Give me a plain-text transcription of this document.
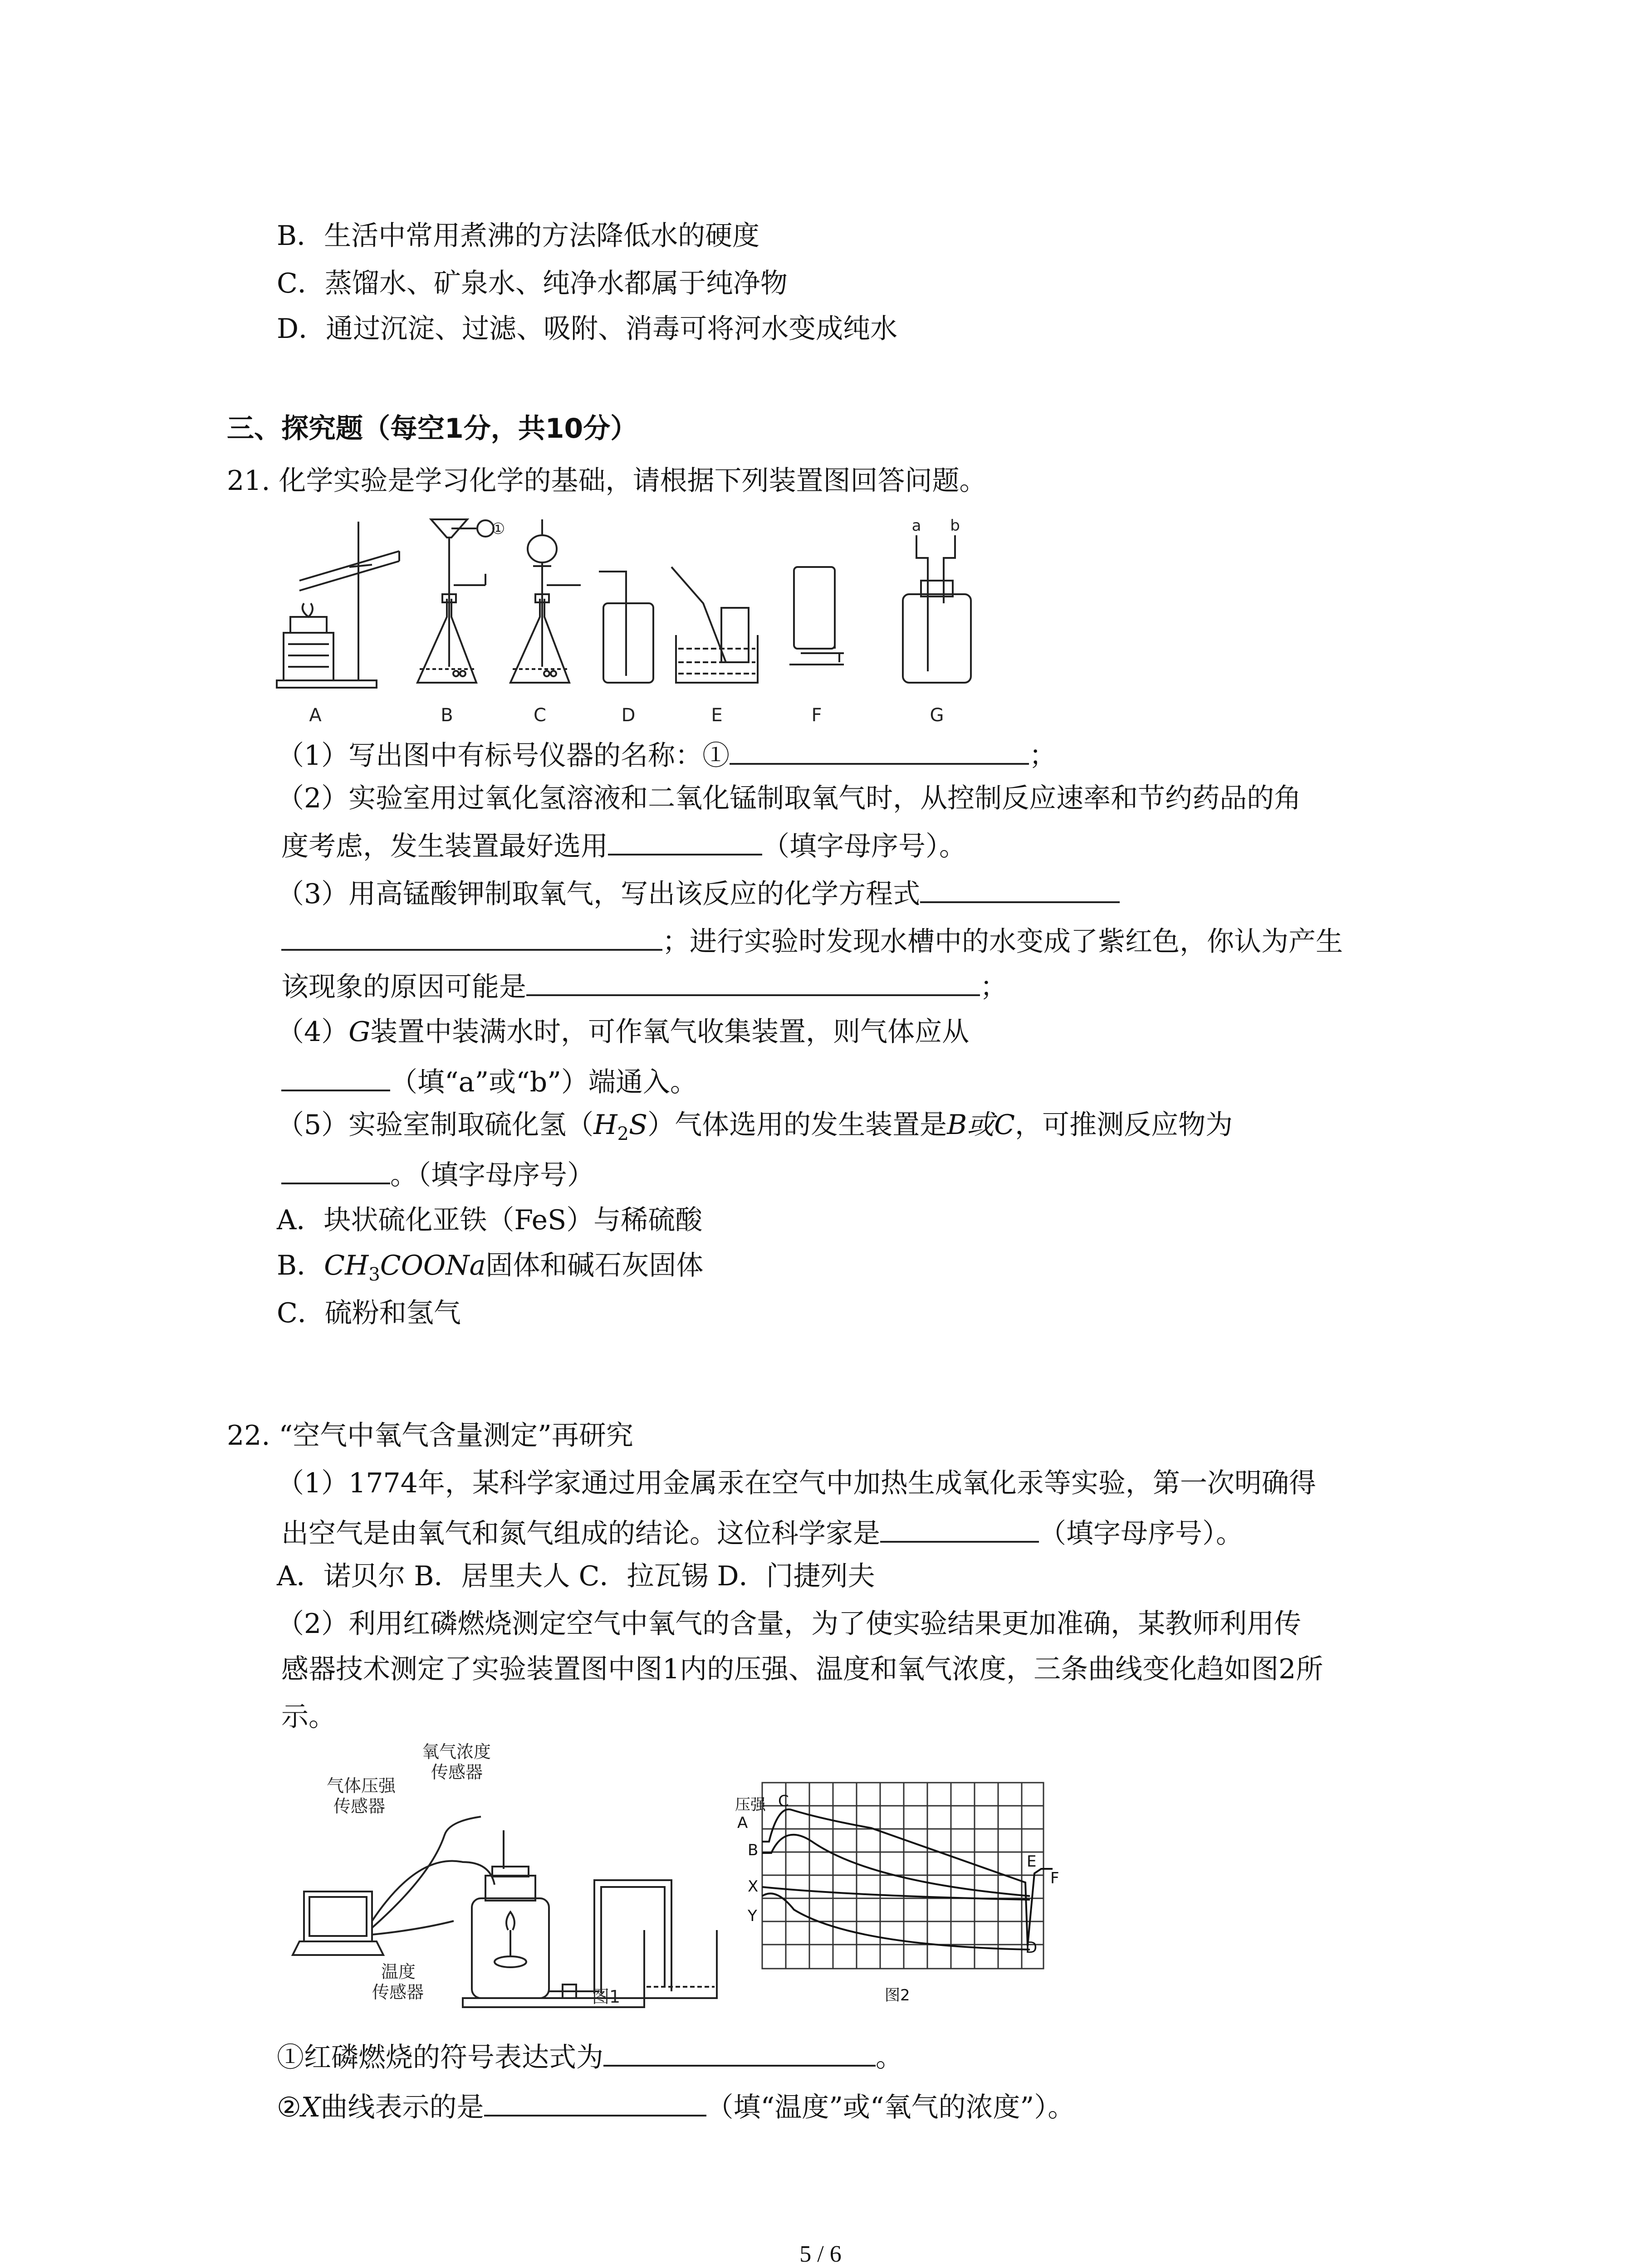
B．生活中常用煮沸的方法降低水的硬度
C．蒸馏水、矿泉水、纯净水都属于纯净物
D．通过沉淀、过滤、吸附、消毒可将河水变成纯水
三、探究题（每空1分，共10分）
21. 化学实验是学习化学的基础，请根据下列装置图回答问题。
A	B	C	D	E	F	G
a b
①
（1）写出图中有标号仪器的名称：①	；
（2）实验室用过氧化氢溶液和二氧化锰制取氧气时，从控制反应速率和节约药品的角
度考虑，发生装置最好选用	（填字母序号）。
（3）用高锰酸钾制取氧气，写出该反应的化学方程式
；进行实验时发现水槽中的水变成了紫红色，你认为产生
该现象的原因可能是	；
（4）G装置中装满水时，可作氧气收集装置，则气体应从
（填“a”或“b”）端通入。
（5）实验室制取硫化氢$(H_2S)$气体选用的发生装置是B或C，可推测反应物为
。（填字母序号）
A．块状硫化亚铁（FeS）与稀硫酸
B．$CH_3COONa$固体和碱石灰固体
C．硫粉和氢气
22. “空气中氧气含量测定”再研究
（1）1774年，某科学家通过用金属汞在空气中加热生成氧化汞等实验，第一次明确得
出空气是由氧气和氮气组成的结论。这位科学家是	（填字母序号）。
A．诺贝尔 B．居里夫人 C．拉瓦锡 D．门捷列夫
（2）利用红磷燃烧测定空气中氧气的含量，为了使实验结果更加准确，某教师利用传
感器技术测定了实验装置图中图1内的压强、温度和氧气浓度，三条曲线变化趋如图2所
示。
氧气浓度
传感器
气体压强
传感器
温度
传感器	图1
压强
A
B
C
X
Y
D
E
F
图2
①红磷燃烧的符号表达式为	。
②X曲线表示的是	（填“温度”或“氧气的浓度”）。
5 / 6
